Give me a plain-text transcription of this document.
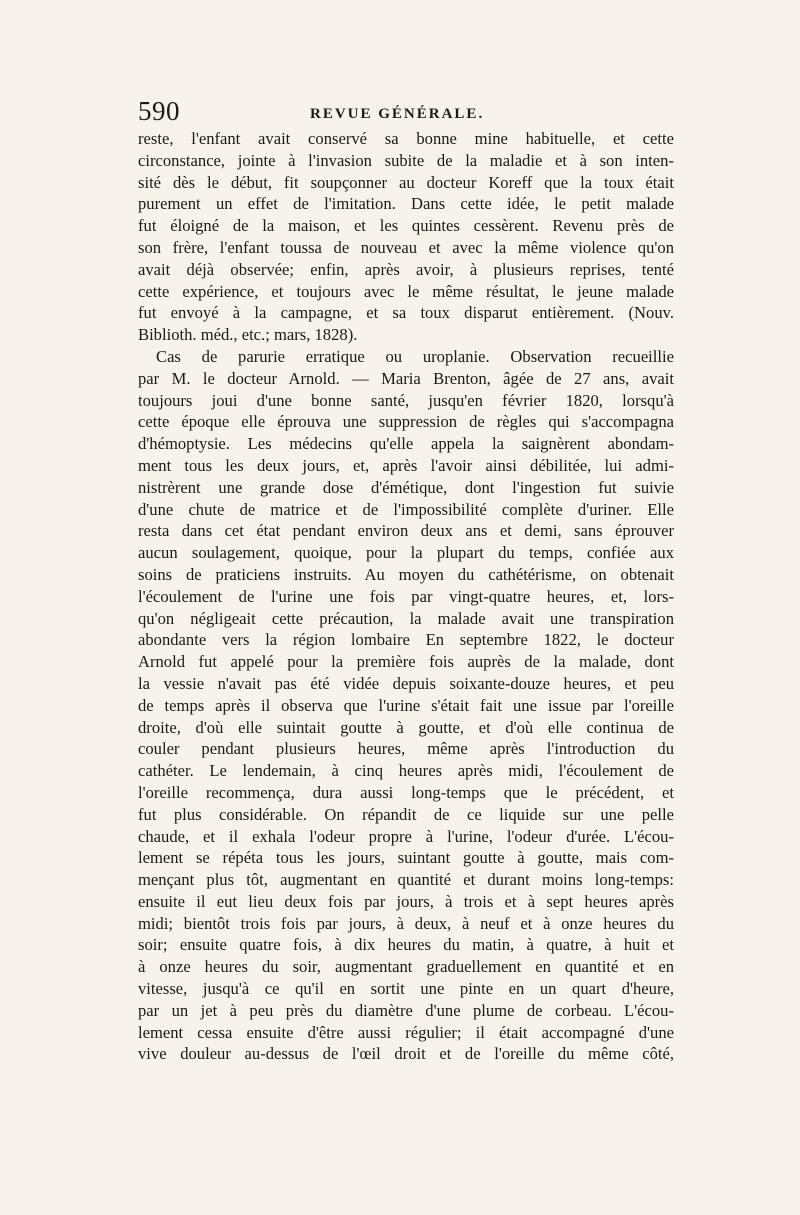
590	REVUE GÉNÉRALE.
reste, l'enfant avait conservé sa bonne mine habituelle, et cette
circonstance, jointe à l'invasion subite de la maladie et à son inten-
sité dès le début, fit soupçonner au docteur Koreff que la toux était
purement un effet de l'imitation. Dans cette idée, le petit malade
fut éloigné de la maison, et les quintes cessèrent. Revenu près de
son frère, l'enfant toussa de nouveau et avec la même violence qu'on
avait déjà observée; enfin, après avoir, à plusieurs reprises, tenté
cette expérience, et toujours avec le même résultat, le jeune malade
fut envoyé à la campagne, et sa toux disparut entièrement. (Nouv.
Biblioth. méd., etc.; mars, 1828).
Cas de parurie erratique ou uroplanie. Observation recueillie
par M. le docteur Arnold. — Maria Brenton, âgée de 27 ans, avait
toujours joui d'une bonne santé, jusqu'en février 1820, lorsqu'à
cette époque elle éprouva une suppression de règles qui s'accompagna
d'hémoptysie. Les médecins qu'elle appela la saignèrent abondam-
ment tous les deux jours, et, après l'avoir ainsi débilitée, lui admi-
nistrèrent une grande dose d'émétique, dont l'ingestion fut suivie
d'une chute de matrice et de l'impossibilité complète d'uriner. Elle
resta dans cet état pendant environ deux ans et demi, sans éprouver
aucun soulagement, quoique, pour la plupart du temps, confiée aux
soins de praticiens instruits. Au moyen du cathétérisme, on obtenait
l'écoulement de l'urine une fois par vingt-quatre heures, et, lors-
qu'on négligeait cette précaution, la malade avait une transpiration
abondante vers la région lombaire En septembre 1822, le docteur
Arnold fut appelé pour la première fois auprès de la malade, dont
la vessie n'avait pas été vidée depuis soixante-douze heures, et peu
de temps après il observa que l'urine s'était fait une issue par l'oreille
droite, d'où elle suintait goutte à goutte, et d'où elle continua de
couler pendant plusieurs heures, même après l'introduction du
cathéter. Le lendemain, à cinq heures après midi, l'écoulement de
l'oreille recommença, dura aussi long-temps que le précédent, et
fut plus considérable. On répandit de ce liquide sur une pelle
chaude, et il exhala l'odeur propre à l'urine, l'odeur d'urée. L'écou-
lement se répéta tous les jours, suintant goutte à goutte, mais com-
mençant plus tôt, augmentant en quantité et durant moins long-temps:
ensuite il eut lieu deux fois par jours, à trois et à sept heures après
midi; bientôt trois fois par jours, à deux, à neuf et à onze heures du
soir; ensuite quatre fois, à dix heures du matin, à quatre, à huit et
à onze heures du soir, augmentant graduellement en quantité et en
vitesse, jusqu'à ce qu'il en sortit une pinte en un quart d'heure,
par un jet à peu près du diamètre d'une plume de corbeau. L'écou-
lement cessa ensuite d'être aussi régulier; il était accompagné d'une
vive douleur au-dessus de l'œil droit et de l'oreille du même côté,
